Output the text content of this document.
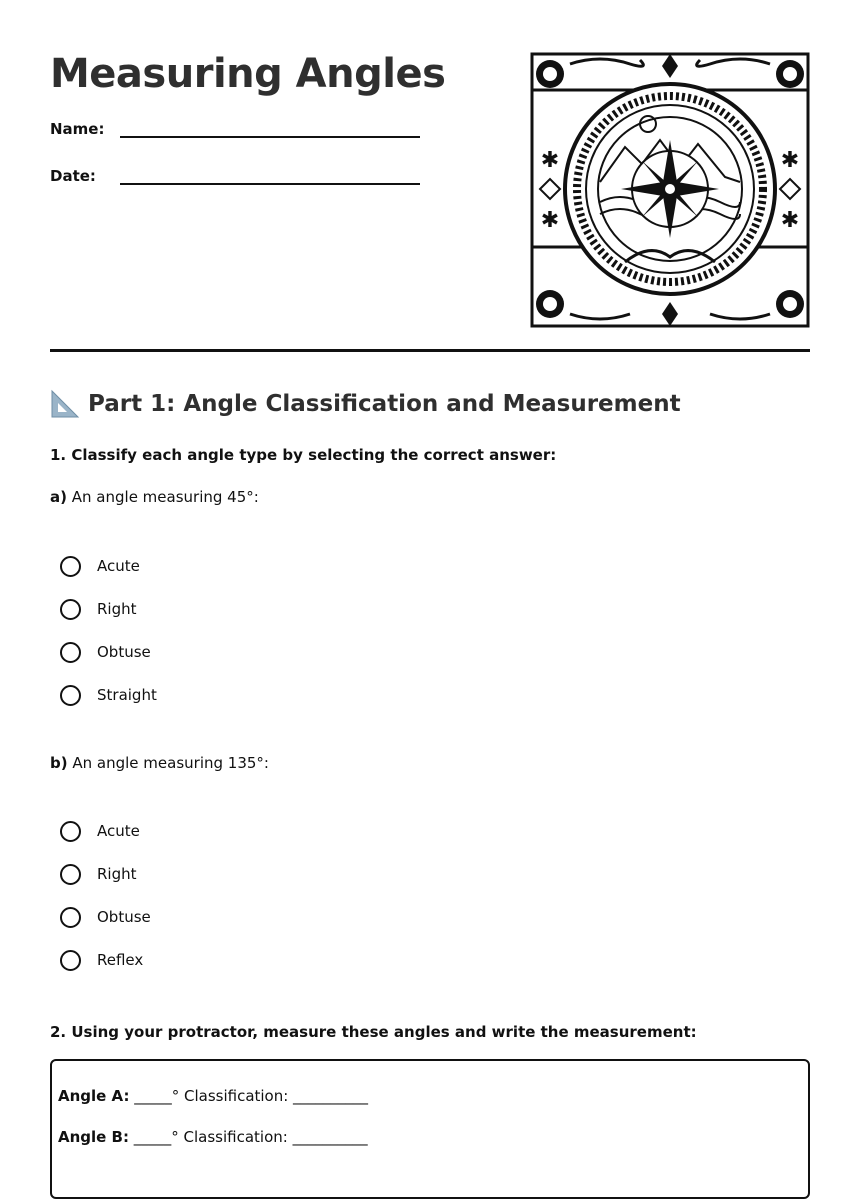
Measuring Angles
Name:
Date:
✱	✱
✱	✱
Part 1: Angle Classification and Measurement
1. Classify each angle type by selecting the correct answer:
a) An angle measuring 45°:
Acute
Right
Obtuse
Straight
b) An angle measuring 135°:
Acute
Right
Obtuse
Reflex
2. Using your protractor, measure these angles and write the measurement:
Angle A: _____° Classification: __________
Angle B: _____° Classification: __________
